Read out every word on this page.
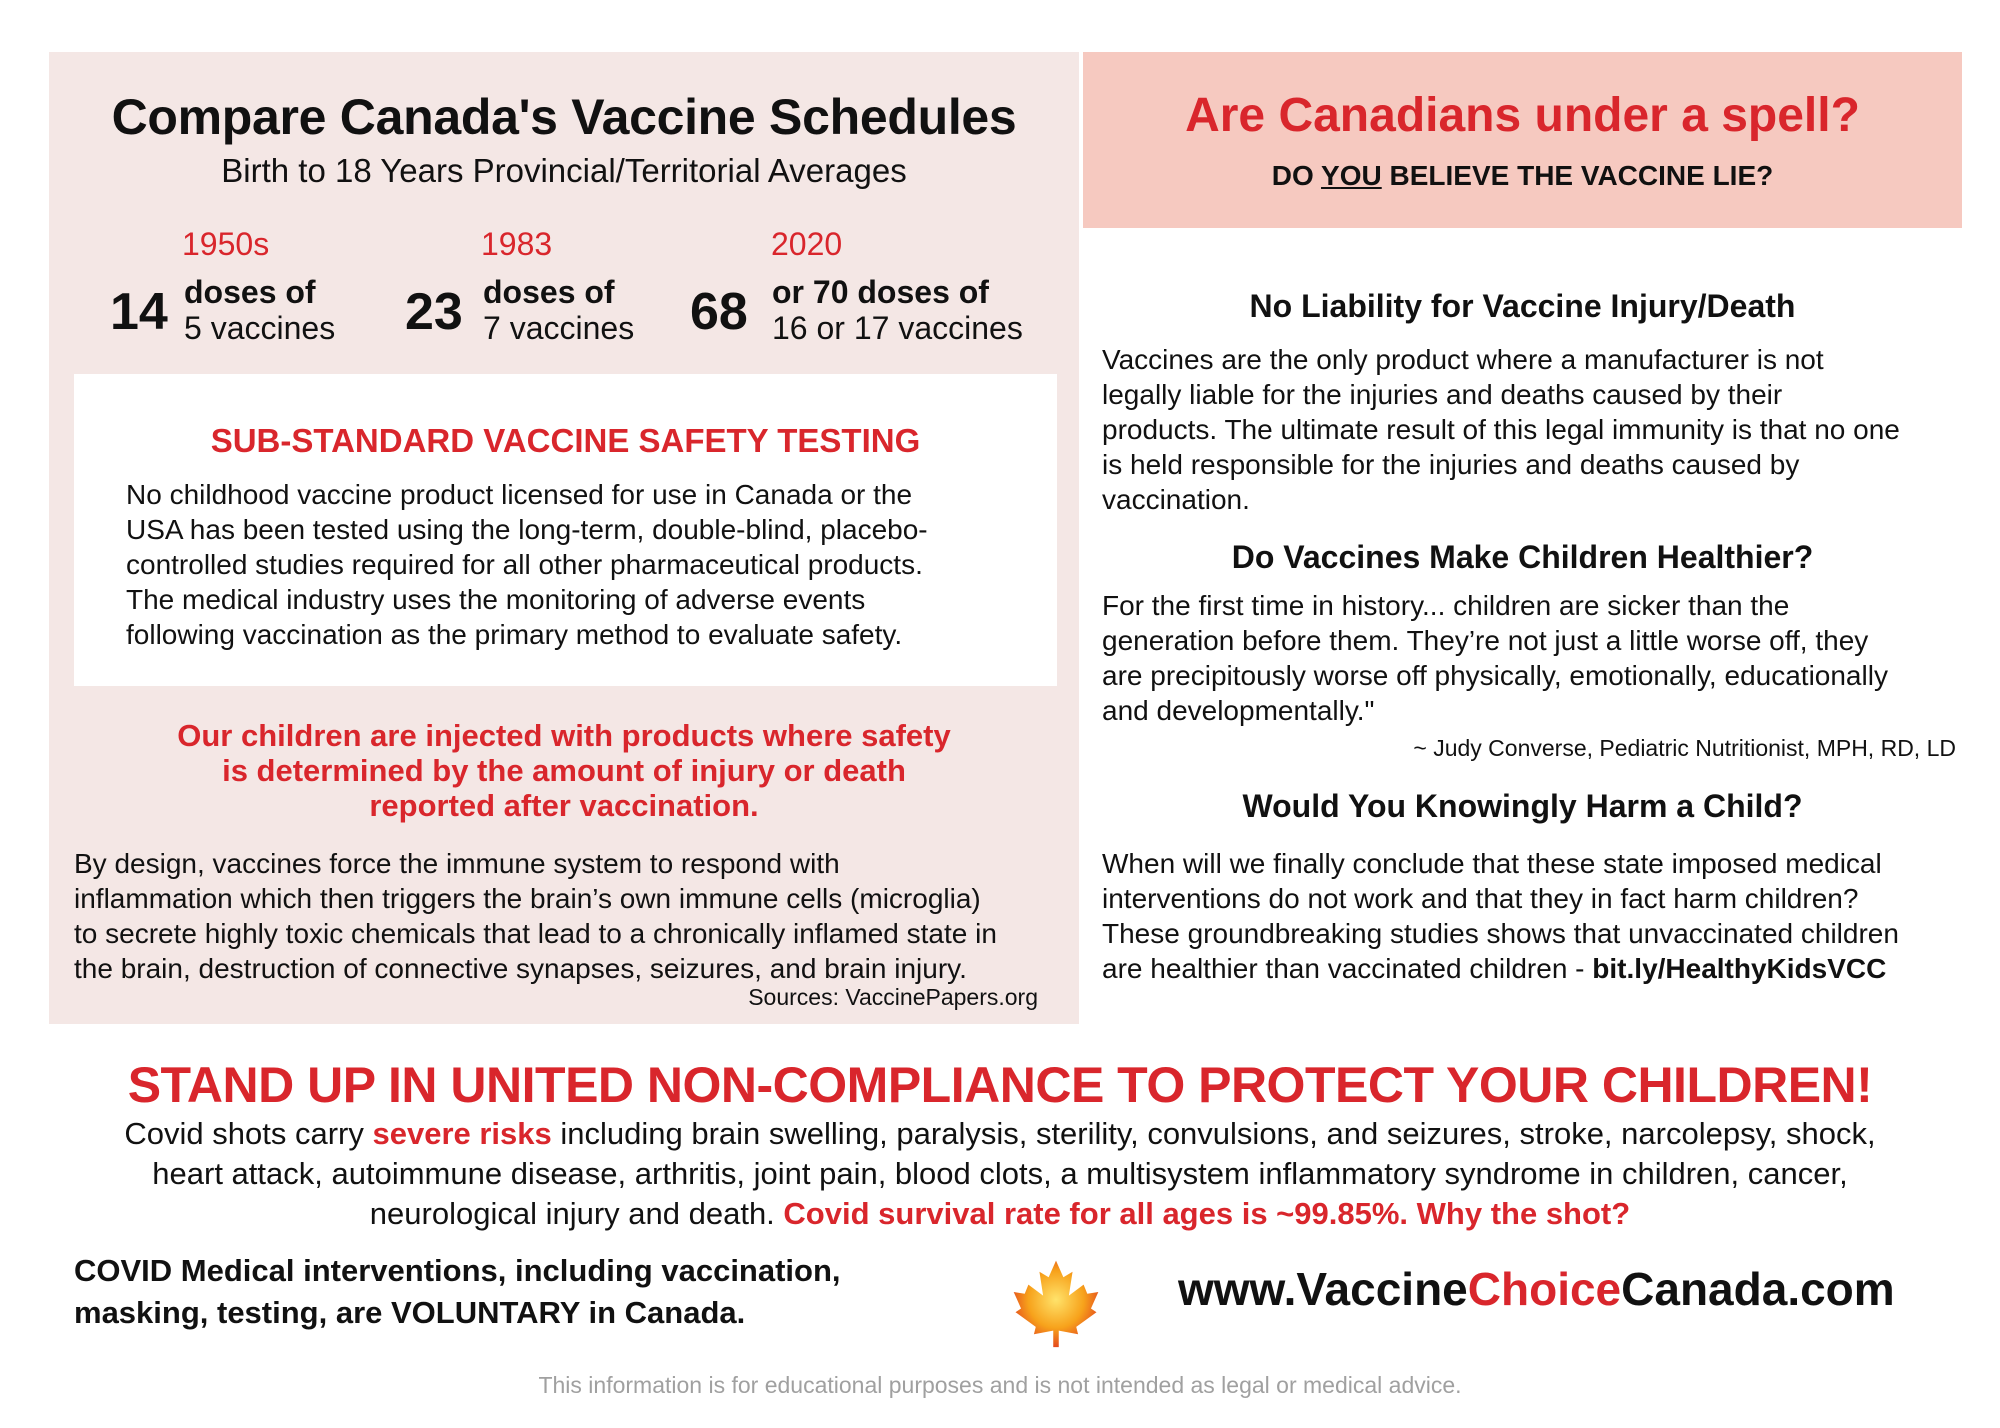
Compare Canada's Vaccine Schedules
Birth to 18 Years Provincial/Territorial Averages
1950s
14 doses of
5 vaccines
1983
23 doses of
7 vaccines
2020
68 or 70 doses of
16 or 17 vaccines
SUB-STANDARD VACCINE SAFETY TESTING
No childhood vaccine product licensed for use in Canada or the
USA has been tested using the long-term, double-blind, placebo-
controlled studies required for all other pharmaceutical products.
The medical industry uses the monitoring of adverse events
following vaccination as the primary method to evaluate safety.
Our children are injected with products where safety
is determined by the amount of injury or death
reported after vaccination.
By design, vaccines force the immune system to respond with
inflammation which then triggers the brain’s own immune cells (microglia)
to secrete highly toxic chemicals that lead to a chronically inflamed state in
the brain, destruction of connective synapses, seizures, and brain injury.
Sources: VaccinePapers.org
Are Canadians under a spell?
DO YOU BELIEVE THE VACCINE LIE?
No Liability for Vaccine Injury/Death
Vaccines are the only product where a manufacturer is not
legally liable for the injuries and deaths caused by their
products. The ultimate result of this legal immunity is that no one
is held responsible for the injuries and deaths caused by
vaccination.
Do Vaccines Make Children Healthier?
For the first time in history... children are sicker than the
generation before them. They’re not just a little worse off, they
are precipitously worse off physically, emotionally, educationally
and developmentally."
~ Judy Converse, Pediatric Nutritionist, MPH, RD, LD
Would You Knowingly Harm a Child?
When will we finally conclude that these state imposed medical
interventions do not work and that they in fact harm children?
These groundbreaking studies shows that unvaccinated children
are healthier than vaccinated children - bit.ly/HealthyKidsVCC
STAND UP IN UNITED NON-COMPLIANCE TO PROTECT YOUR CHILDREN!
Covid shots carry severe risks including brain swelling, paralysis, sterility, convulsions, and seizures, stroke, narcolepsy, shock,
heart attack, autoimmune disease, arthritis, joint pain, blood clots, a multisystem inflammatory syndrome in children, cancer,
neurological injury and death. Covid survival rate for all ages is ~99.85%. Why the shot?
COVID Medical interventions, including vaccination,
masking, testing, are VOLUNTARY in Canada.	www.VaccineChoiceCanada.com
This information is for educational purposes and is not intended as legal or medical advice.
